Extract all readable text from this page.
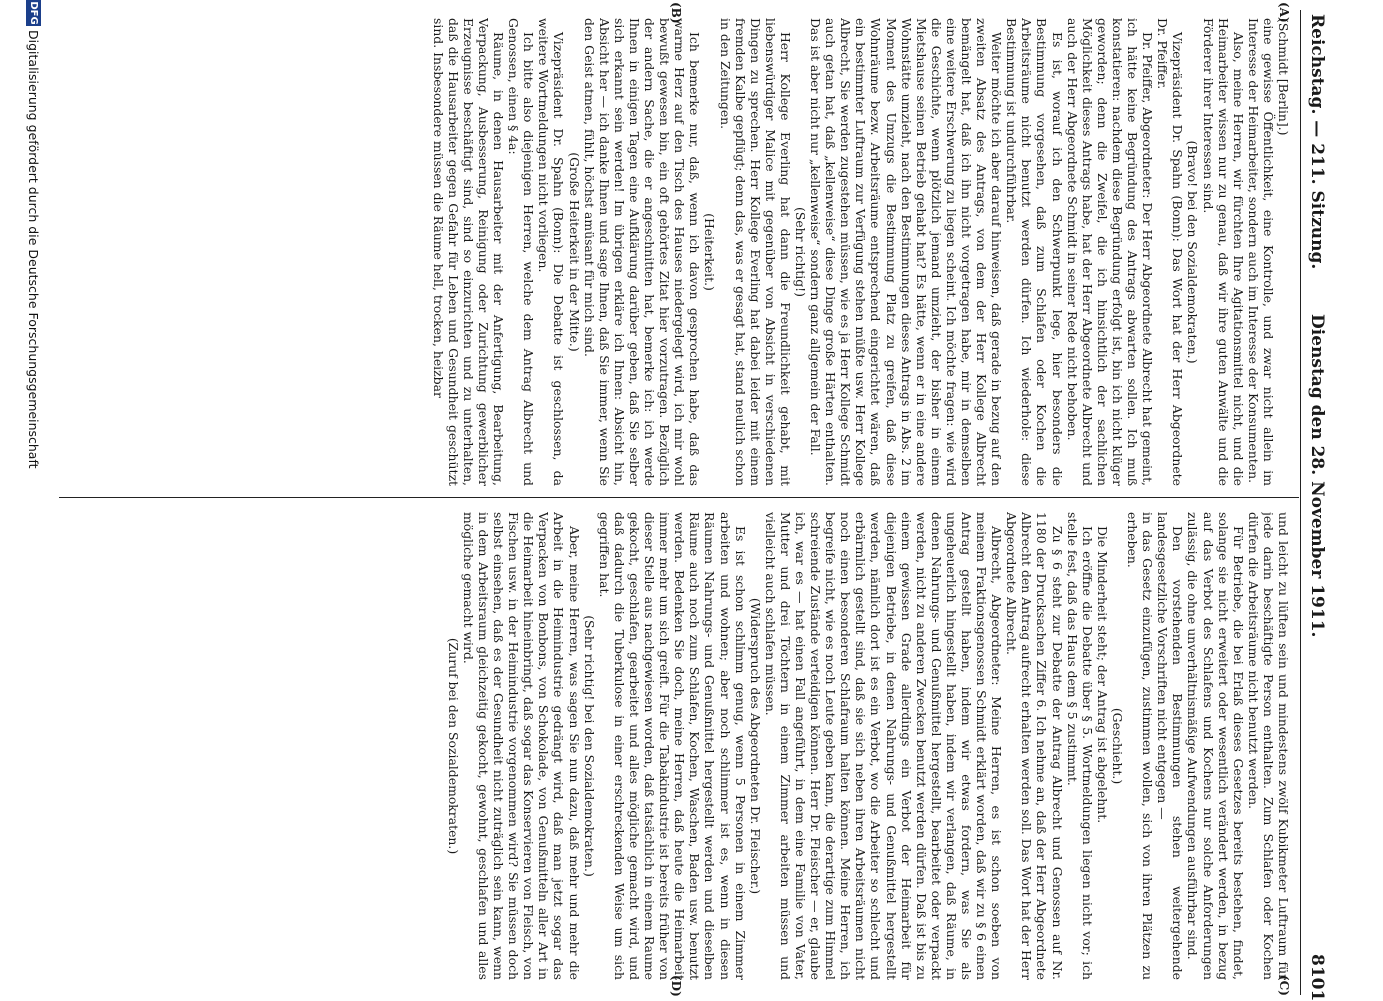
Reichstag. — 211. Sitzung.
Dienstag den 28. November 1911.
8101
(A)
(B)
(C)
(D)

(Schmidt [Berlin].)

eine gewisse Öffentlichkeit, eine Kontrolle, und zwar nicht allein im Interesse der Heimarbeiter, sondern auch im Interesse der Konsumenten.

Also, meine Herren, wir fürchten Ihre Agitationsmittel nicht, und die Heimarbeiter wissen nur zu genau, daß wir ihre guten Anwälte und die Förderer ihrer Interessen sind.

(Bravo! bei den Sozialdemokraten.)

Vizepräsident Dr. Spahn (Bonn): Das Wort hat der Herr Abgeordnete Dr. Pfeiffer.

Dr. Pfeiffer, Abgeordneter: Der Herr Abgeordnete Albrecht hat gemeint, ich hätte keine Begründung des Antrags abwarten sollen. Ich muß konstatieren: nachdem diese Begründung erfolgt ist, bin ich nicht klüger geworden; denn die Zweifel, die ich hinsichtlich der sachlichen Möglichkeit dieses Antrags habe, hat der Herr Abgeordnete Albrecht und auch der Herr Abgeordnete Schmidt in seiner Rede nicht behoben.

Es ist, worauf ich den Schwerpunkt lege, hier besonders die Bestimmung vorgesehen, daß zum Schlafen oder Kochen die Arbeitsräume nicht benutzt werden dürfen. Ich wiederhole: diese Bestimmung ist undurchführbar.

Weiter möchte ich aber darauf hinweisen, daß gerade in bezug auf den zweiten Absatz des Antrags, von dem der Herr Kollege Albrecht bemängelt hat, daß ich ihn nicht vorgetragen habe, mir in demselben eine weitere Erschwerung zu liegen scheint. Ich möchte fragen: wie wird die Geschichte, wenn plötzlich jemand umzieht, der bisher in einem Mietshause seinen Betrieb gehabt hat? Es hätte, wenn er in eine andere Wohnstätte umzieht, nach den Bestimmungen dieses Antrags in Abs. 2 im Moment des Umzugs die Bestimmung Platz zu greifen, daß diese Wohnräume bezw. Arbeitsräume entsprechend eingerichtet wären, daß ein bestimmter Luftraum zur Verfügung stehen müßte usw. Herr Kollege Albrecht, Sie werden zugestehen müssen, wie es ja Herr Kollege Schmidt auch getan hat, daß „kellenweise“ diese Dinge große Härten enthalten. Das ist aber nicht nur „kellenweise“ sondern ganz allgemein der Fall.

(Sehr richtig!)

Herr Kollege Everling hat dann die Freundlichkeit gehabt, mit liebenswürdiger Malice mit gegenüber von Absicht in verschiedenen Dingen zu sprechen. Herr Kollege Everling hat dabei leider mit einem fremden Kalbe gepflügt; denn das, was er gesagt hat, stand neulich schon in den Zeitungen.

(Heiterkeit.)

Ich bemerke nur, daß, wenn ich davon gesprochen habe, daß das warme Herz auf den Tisch des Hauses niedergelegt wird, ich mir wohl bewußt gewesen bin, ein oft gehörtes Zitat hier vorzutragen. Bezüglich der andern Sache, die er angeschnitten hat, bemerke ich: ich werde Ihnen in einigen Tagen eine Aufklärung darüber geben, daß Sie selber sich erkannt sein werden! Im übrigen erkläre ich Ihnen: Absicht hin, Absicht her — ich danke Ihnen und sage Ihnen, daß Sie immer, wenn Sie den Geist atmen, fühlt, höchst amüsant für mich sind.

(Große Heiterkeit in der Mitte.)

Vizepräsident Dr. Spahn (Bonn): Die Debatte ist geschlossen, da weitere Wortmeldungen nicht vorliegen.

Ich bitte also diejenigen Herren, welche dem Antrag Albrecht und Genossen, einen § 4a:

Räume, in denen Hausarbeiter mit der Anfertigung, Bearbeitung, Verpackung, Ausbesserung, Reinigung oder Zurichtung gewerblicher Erzeugnisse beschäftigt sind, sind so einzurichten und zu unterhalten, daß die Hausarbeiter gegen Gefahr für Leben und Gesundheit geschützt sind. Insbesondere müssen die Räume hell, trocken, heizbar

und leicht zu lüften sein und mindestens zwölf Kubikmeter Luftraum für jede darin beschäftigte Person enthalten. Zum Schlafen oder Kochen dürfen die Arbeitsräume nicht benutzt werden.

Für Betriebe, die bei Erlaß dieses Gesetzes bereits bestehen, findet, solange sie nicht erweitert oder wesentlich verändert werden, in bezug auf das Verbot des Schlafens und Kochens nur solche Anforderungen zulässig, die ohne unverhältnismäßige Aufwendungen ausführbar sind.

Den vorstehenden Bestimmungen stehen weitergehende landesgesetzliche Vorschriften nicht entgegen —

in das Gesetz einzufügen, zustimmen wollen, sich von ihren Plätzen zu erheben.

(Geschieht.)

Die Minderheit steht; der Antrag ist abgelehnt.

Ich eröffne die Debatte über § 5. Wortmeldungen liegen nicht vor; ich stelle fest, daß das Haus dem § 5 zustimmt.

Zu § 6 steht zur Debatte der Antrag Albrecht und Genossen auf Nr. 1180 der Drucksachen Ziffer 6. Ich nehme an, daß der Herr Abgeordnete Albrecht den Antrag aufrecht erhalten werden soll. Das Wort hat der Herr Abgeordnete Albrecht.

Albrecht, Abgeordneter: Meine Herren, es ist schon soeben von meinem Fraktionsgenossen Schmidt erklärt worden, daß wir zu § 6 einen Antrag gestellt haben, indem wir etwas fordern, was Sie als ungeheuerlich hingestellt haben, indem wir verlangen, daß Räume, in denen Nahrungs- und Genußmittel hergestellt, bearbeitet oder verpackt werden, nicht zu anderen Zwecken benutzt werden dürfen. Daß ist bis zu einem gewissen Grade allerdings ein Verbot der Heimarbeit für diejenigen Betriebe, in denen Nahrungs- und Genußmittel hergestellt werden, nämlich dort ist es ein Verbot, wo die Arbeiter so schlecht und erbärmlich gestellt sind, daß sie sich neben ihren Arbeitsräumen nicht noch einen besonderen Schlafraum halten können. Meine Herren, ich begreife nicht, wie es noch Leute geben kann, die derartige zum Himmel schreiende Zustände verteidigen können. Herr Dr. Fleischer — er, glaube ich, war es — hat einen Fall angeführt, in dem eine Familie von Vater, Mutter und drei Töchtern in einem Zimmer arbeiten müssen und vielleicht auch schlafen müssen.

(Widerspruch des Abgeordneten Dr. Fleischer.)

Es ist schon schlimm genug, wenn 5 Personen in einem Zimmer arbeiten und wohnen; aber noch schlimmer ist es, wenn in diesen Räumen Nahrungs- und Genußmittel hergestellt werden und dieselben Räume auch noch zum Schlafen, Kochen, Waschen, Baden usw. benutzt werden. Bedenken Sie doch, meine Herren, daß heute die Heimarbeit immer mehr um sich greift. Für die Tabakindustrie ist bereits früher von dieser Stelle aus nachgewiesen worden, daß tatsächlich in einem Raume gekocht, geschlafen, gearbeitet und alles mögliche gemacht wird, und daß dadurch die Tuberkulose in einer erschreckenden Weise um sich gegriffen hat.

(Sehr richtig! bei den Sozialdemokraten.)

Aber, meine Herren, was sagen Sie nun dazu, daß mehr und mehr die Arbeit in die Heimindustrie gedrängt wird, daß man jetzt sogar das Verpacken von Bonbons, von Schokolade, von Genußmitteln aller Art in die Heimarbeit hineinbringt, daß sogar das Konservieren von Fleisch, von Fischen usw. in der Heimindustrie vorgenommen wird? Sie müssen doch selbst einsehen, daß es der Gesundheit nicht zuträglich sein kann, wenn in dem Arbeitsraum gleichzeitig gekocht, gewohnt, geschlafen und alles mögliche gemacht wird.

(Zuruf bei den Sozialdemokraten.)

DFG
Digitalisierung gefördert durch die Deutsche Forschungsgemeinschaft
